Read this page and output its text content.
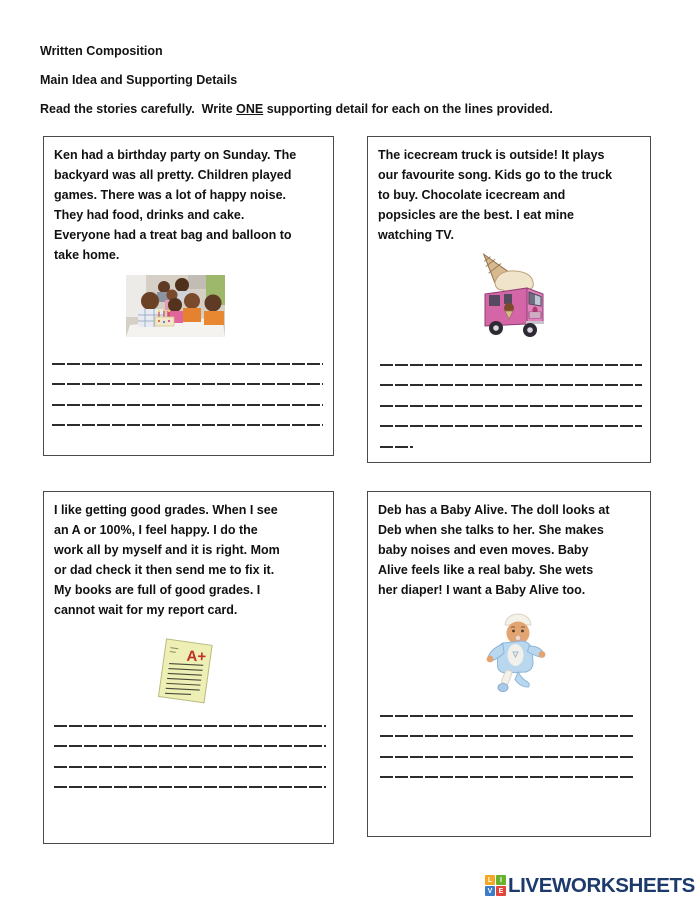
Written Composition
Main Idea and Supporting Details
Read the stories carefully.  Write ONE supporting detail for each on the lines provided.
Ken had a birthday party on Sunday. The
backyard was all pretty. Children played
games. There was a lot of happy noise.
They had food, drinks and cake.
Everyone had a treat bag and balloon to
take home.
The icecream truck is outside! It plays
our favourite song. Kids go to the truck
to buy. Chocolate icecream and
popsicles are the best. I eat mine
watching TV.
I like getting good grades. When I see
an A or 100%, I feel happy. I do the
work all by myself and it is right. Mom
or dad check it then send me to fix it.
My books are full of good grades. I
cannot wait for my report card.
A+
Deb has a Baby Alive. The doll looks at
Deb when she talks to her. She makes
baby noises and even moves. Baby
Alive feels like a real baby. She wets
her diaper! I want a Baby Alive too.
L	I
V E LIVEWORKSHEETS
